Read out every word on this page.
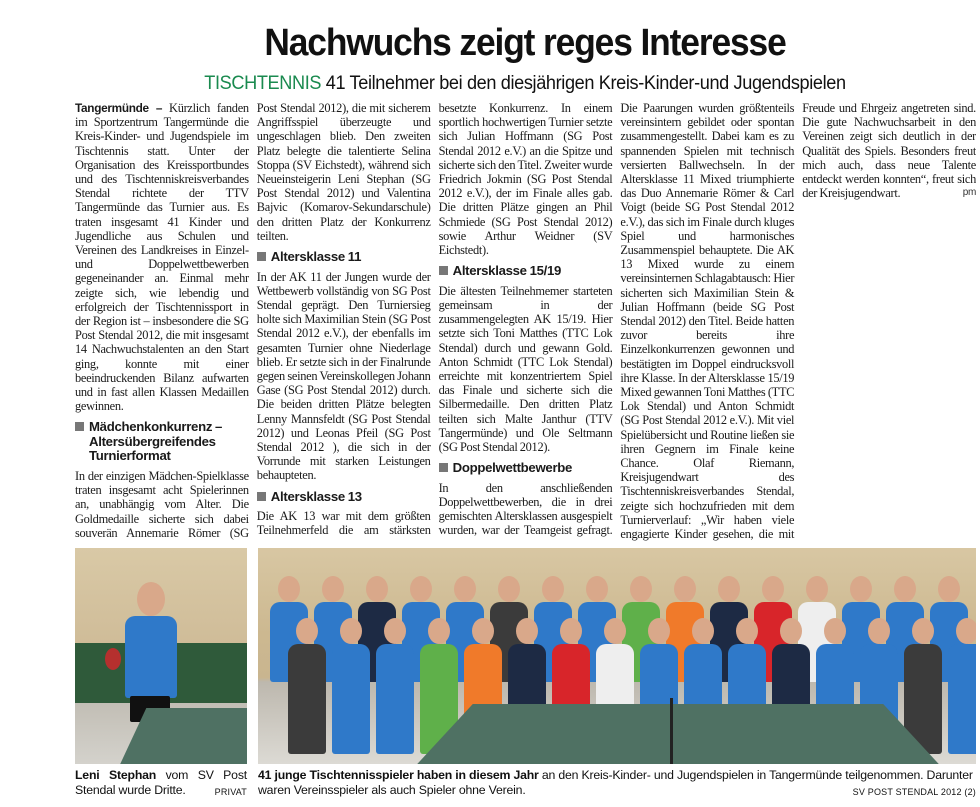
Nachwuchs zeigt reges Interesse
TISCHTENNIS 41 Teilnehmer bei den diesjährigen Kreis-Kinder-und Jugendspielen

Tangermünde – Kürzlich fanden im Sportzentrum Tangermünde die Kreis-Kinder- und Jugendspiele im Tischtennis statt. Unter der Organisation des Kreissportbundes und des Tischtenniskreisverbandes Stendal richtete der TTV Tangermünde das Turnier aus. Es traten insgesamt 41 Kinder und Jugendliche aus Schulen und Vereinen des Landkreises in Einzel- und Doppelwettbewerben gegeneinander an. Einmal mehr zeigte sich, wie lebendig und erfolgreich der Tischtennissport in der Region ist – insbesondere die SG Post Stendal 2012, die mit insgesamt 14 Nachwuchstalenten an den Start ging, konnte mit einer beeindruckenden Bilanz aufwarten und in fast allen Klassen Medaillen gewinnen.

Mädchenkonkurrenz – Altersübergreifendes Turnierformat

In der einzigen Mädchen-Spielklasse traten insgesamt acht Spielerinnen an, unabhängig vom Alter. Die Goldmedaille sicherte sich dabei souverän Annemarie Römer (SG Post Stendal 2012), die mit sicherem Angriffsspiel überzeugte und ungeschlagen blieb. Den zweiten Platz belegte die talentierte Selina Stoppa (SV Eichstedt), während sich Neueinsteigerin Leni Stephan (SG Post Stendal 2012) und Valentina Bajvic (Komarov-Sekundarschule) den dritten Platz der Konkurrenz teilten.

Altersklasse 11

In der AK 11 der Jungen wurde der Wettbewerb vollständig von SG Post Stendal geprägt. Den Turniersieg holte sich Maximilian Stein (SG Post Stendal 2012 e.V.), der ebenfalls im gesamten Turnier ohne Niederlage blieb. Er setzte sich in der Finalrunde gegen seinen Vereinskollegen Johann Gase (SG Post Stendal 2012) durch. Die beiden dritten Plätze belegten Lenny Mannsfeldt (SG Post Stendal 2012) und Leonas Pfeil (SG Post Stendal 2012 ), die sich in der Vorrunde mit starken Leistungen behaupteten.

Altersklasse 13

Die AK 13 war mit dem größten Teilnehmerfeld die am stärksten besetzte Konkurrenz. In einem sportlich hochwertigen Turnier setzte sich Julian Hoffmann (SG Post Stendal 2012 e.V.) an die Spitze und sicherte sich den Titel. Zweiter wurde Friedrich Jokmin (SG Post Stendal 2012 e.V.), der im Finale alles gab. Die dritten Plätze gingen an Phil Schmiede (SG Post Stendal 2012) sowie Arthur Weidner (SV Eichstedt).

Altersklasse 15/19

Die ältesten Teilnehmemer starteten gemeinsam in der zusammengelegten AK 15/19. Hier setzte sich Toni Matthes (TTC Lok Stendal) durch und gewann Gold. Anton Schmidt (TTC Lok Stendal) erreichte mit konzentriertem Spiel das Finale und sicherte sich die Silbermedaille. Den dritten Platz teilten sich Malte Janthur (TTV Tangermünde) und Ole Seltmann (SG Post Stendal 2012).

Doppelwettbewerbe

In den anschließenden Doppelwettbewerben, die in drei gemischten Altersklassen ausgespielt wurden, war der Teamgeist gefragt. Die Paarungen wurden größtenteils vereinsintern gebildet oder spontan zusammengestellt. Dabei kam es zu spannenden Spielen mit technisch versierten Ballwechseln. In der Altersklasse 11 Mixed triumphierte das Duo Annemarie Römer & Carl Voigt (beide SG Post Stendal 2012 e.V.), das sich im Finale durch kluges Spiel und harmonisches Zusammenspiel behauptete. Die AK 13 Mixed wurde zu einem vereinsinternen Schlagabtausch: Hier sicherten sich Maximilian Stein & Julian Hoffmann (beide SG Post Stendal 2012) den Titel. Beide hatten zuvor bereits ihre Einzelkonkurrenzen gewonnen und bestätigten im Doppel eindrucksvoll ihre Klasse. In der Altersklasse 15/19 Mixed gewannen Toni Matthes (TTC Lok Stendal) und Anton Schmidt (SG Post Stendal 2012 e.V.). Mit viel Spielübersicht und Routine ließen sie ihren Gegnern im Finale keine Chance. Olaf Riemann, Kreisjugendwart des Tischtenniskreisverbandes Stendal, zeigte sich hochzufrieden mit dem Turnierverlauf: „Wir haben viele engagierte Kinder gesehen, die mit Freude und Ehrgeiz angetreten sind. Die gute Nachwuchsarbeit in den Vereinen zeigt sich deutlich in der Qualität des Spiels. Besonders freut mich auch, dass neue Talente entdeckt werden konnten“, freut sich der Kreisjugendwart.	pm

Leni Stephan vom SV Post Stendal wurde Dritte.	PRIVAT
41 junge Tischtennisspieler haben in diesem Jahr an den Kreis-Kinder- und Jugendspielen in Tangermünde teilgenommen. Darunter waren Vereinsspieler als auch Spieler ohne Verein.	SV POST STENDAL 2012 (2)
